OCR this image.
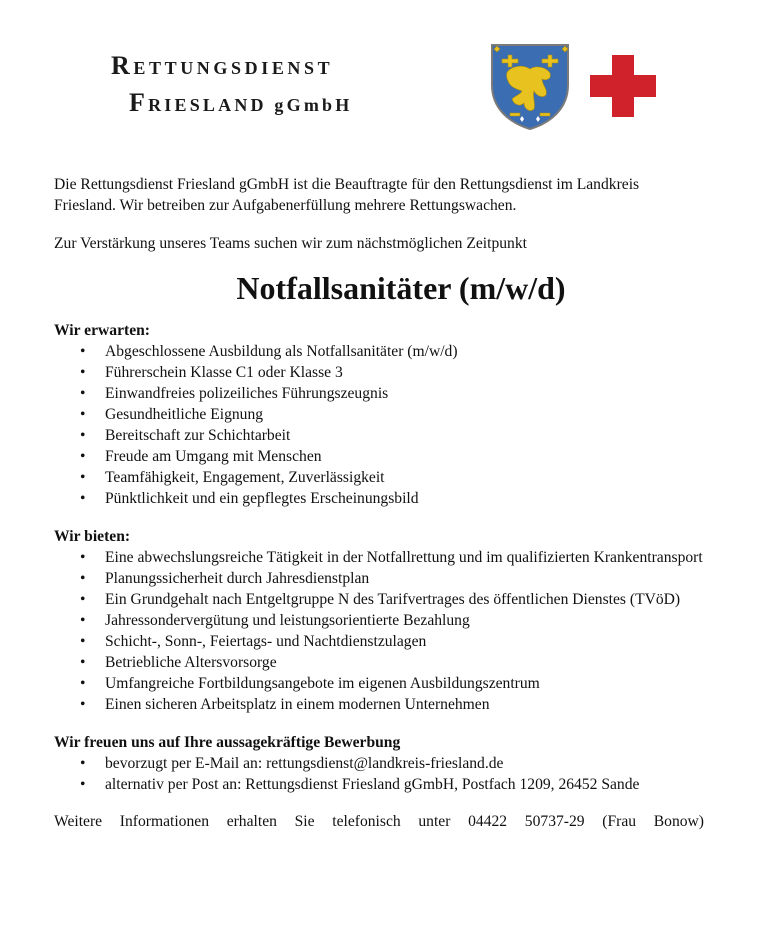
RETTUNGSDIENST
FRIESLAND gGmbH

Die Rettungsdienst Friesland gGmbH ist die Beauftragte für den Rettungsdienst im Landkreis Friesland. Wir betreiben zur Aufgabenerfüllung mehrere Rettungswachen.

Zur Verstärkung unseres Teams suchen wir zum nächstmöglichen Zeitpunkt

Notfallsanitäter (m/w/d)

Wir erwarten:

• Abgeschlossene Ausbildung als Notfallsanitäter (m/w/d)
• Führerschein Klasse C1 oder Klasse 3
• Einwandfreies polizeiliches Führungszeugnis
• Gesundheitliche Eignung
• Bereitschaft zur Schichtarbeit
• Freude am Umgang mit Menschen
• Teamfähigkeit, Engagement, Zuverlässigkeit
• Pünktlichkeit und ein gepflegtes Erscheinungsbild

Wir bieten:

• Eine abwechslungsreiche Tätigkeit in der Notfallrettung und im qualifizierten Krankentransport
• Planungssicherheit durch Jahresdienstplan
• Ein Grundgehalt nach Entgeltgruppe N des Tarifvertrages des öffentlichen Dienstes (TVöD)
• Jahressondervergütung und leistungsorientierte Bezahlung
• Schicht-, Sonn-, Feiertags- und Nachtdienstzulagen
• Betriebliche Altersvorsorge
• Umfangreiche Fortbildungsangebote im eigenen Ausbildungszentrum
• Einen sicheren Arbeitsplatz in einem modernen Unternehmen

Wir freuen uns auf Ihre aussagekräftige Bewerbung

• bevorzugt per E-Mail an: rettungsdienst@landkreis-friesland.de
• alternativ per Post an: Rettungsdienst Friesland gGmbH, Postfach 1209, 26452 Sande

Weitere Informationen erhalten Sie telefonisch unter 04422 50737-29 (Frau Bonow)
